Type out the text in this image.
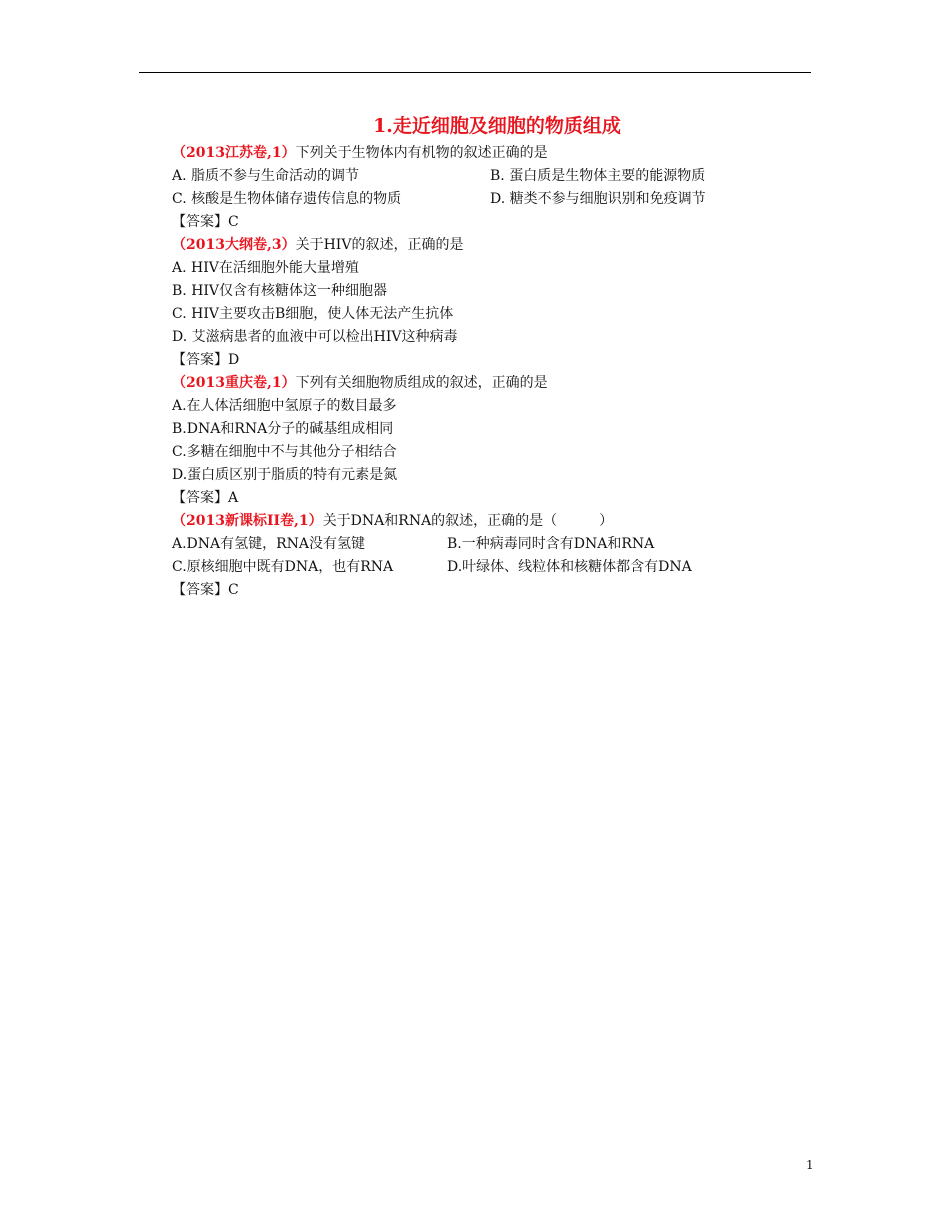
1.走近细胞及细胞的物质组成
（2013江苏卷,1）下列关于生物体内有机物的叙述正确的是
A. 脂质不参与生命活动的调节	B. 蛋白质是生物体主要的能源物质
C. 核酸是生物体储存遗传信息的物质	D. 糖类不参与细胞识别和免疫调节
【答案】C
（2013大纲卷,3）关于HIV的叙述，正确的是
A. HIV在活细胞外能大量增殖
B. HIV仅含有核糖体这一种细胞器
C. HIV主要攻击B细胞，使人体无法产生抗体
D. 艾滋病患者的血液中可以检出HIV这种病毒
【答案】D
（2013重庆卷,1）下列有关细胞物质组成的叙述，正确的是
A.在人体活细胞中氢原子的数目最多
B.DNA和RNA分子的碱基组成相同
C.多糖在细胞中不与其他分子相结合
D.蛋白质区别于脂质的特有元素是氮
【答案】A
（2013新课标II卷,1）关于DNA和RNA的叙述，正确的是（　　　）
A.DNA有氢键，RNA没有氢键	B.一种病毒同时含有DNA和RNA
C.原核细胞中既有DNA，也有RNA	D.叶绿体、线粒体和核糖体都含有DNA
【答案】C
1
